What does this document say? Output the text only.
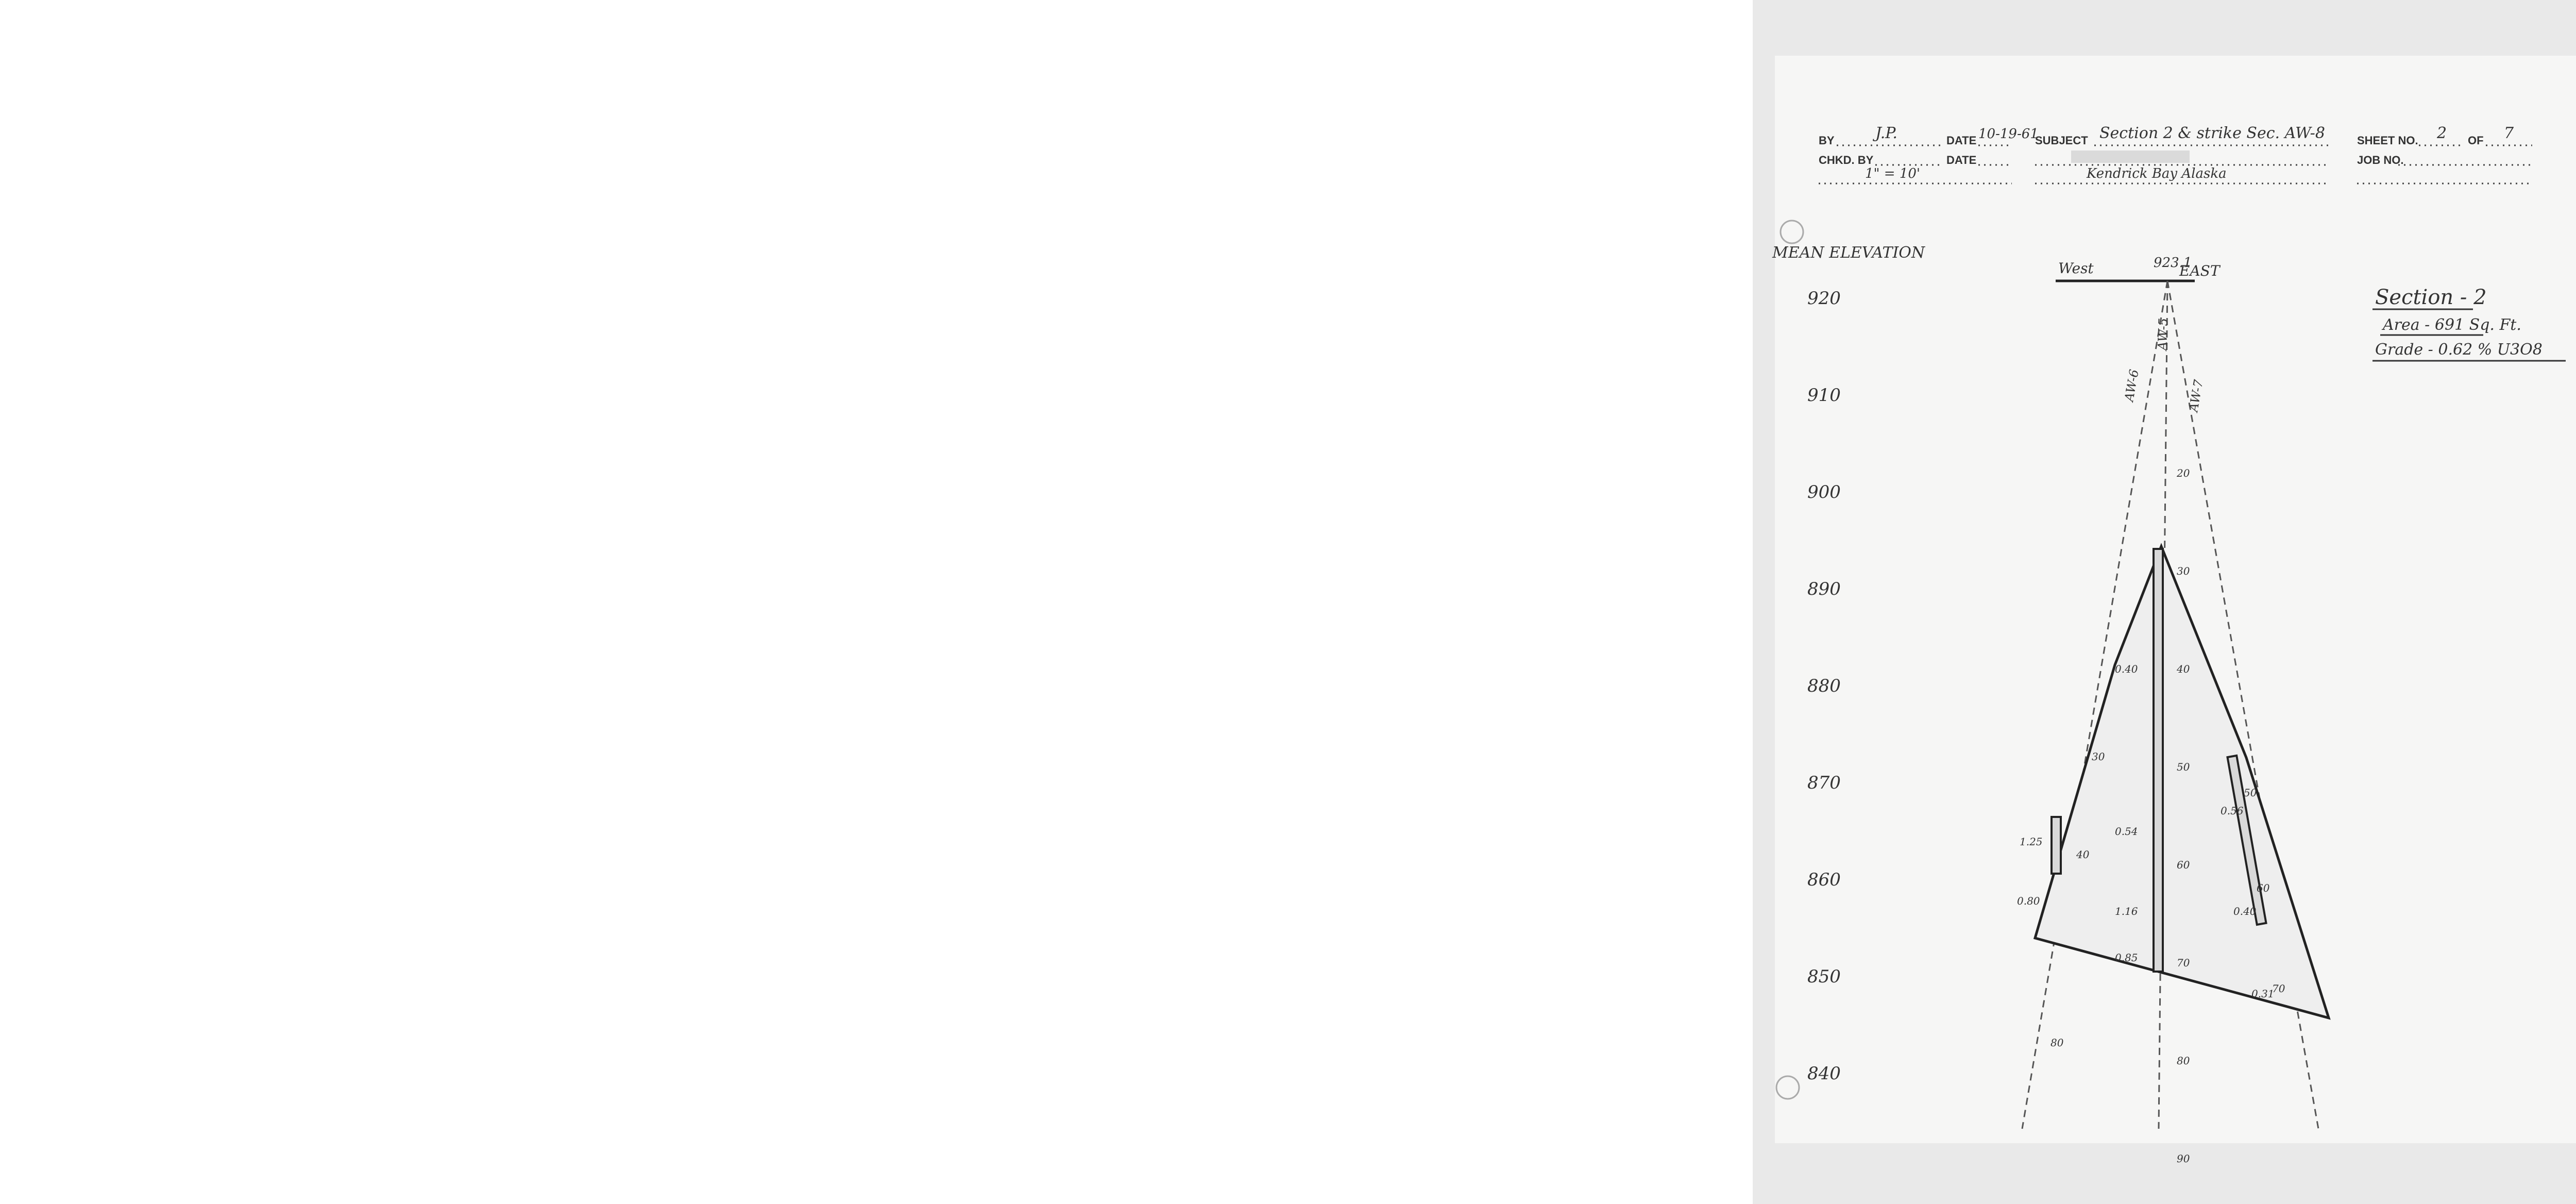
BY	J.P.	DATE 10-19-61
SUBJECT Section 2 & strike Sec. AW-8	SHEET NO. 2 OF 7
CHKD. BY	DATE	JOB NO.
1" = 10'	Kendrick Bay Alaska
MEAN ELEVATION
920
910
900
890
880
870
860
850
840
West	EAST
923.1
AW-6
AW-5
AW-7
20
30
40
50
60
70
80
90
0.40
0.54
1.16
0.85
30
40
80
1.25
0.80
50
60
70
0.56
0.40
0.31
Section - 2
Area - 691 Sq. Ft.
Grade - 0.62 % U3O8
